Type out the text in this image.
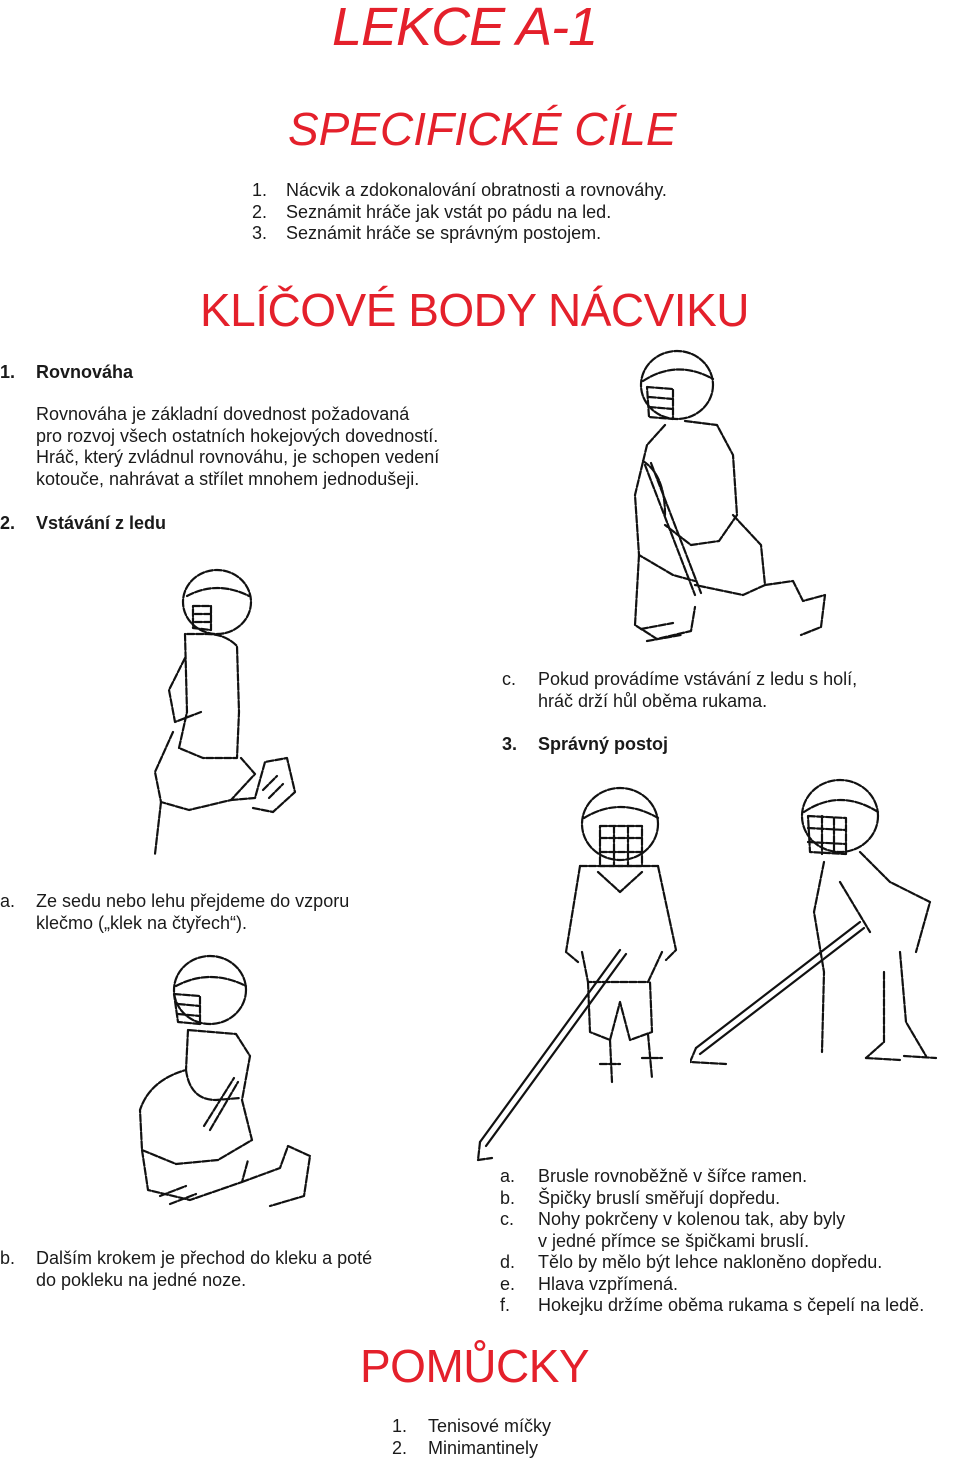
LEKCE A-1
SPECIFICKÉ CÍLE
1.	Nácvik a zdokonalování obratnosti a rovnováhy.
2.	Seznámit hráče jak vstát po pádu na led.
3.	Seznámit hráče se správným postojem.
KLÍČOVÉ BODY NÁCVIKU
1. Rovnováha
Rovnováha je základní dovednost požadovaná
pro rozvoj všech ostatních hokejových dovedností.
Hráč, který zvládnul rovnováhu, je schopen vedení
kotouče, nahrávat a střílet mnohem jednodušeji.
2. Vstávání z ledu
a.	Ze sedu nebo lehu přejdeme do vzporu
klečmo („klek na čtyřech“).
b.	Dalším krokem je přechod do kleku a poté
do pokleku na jedné noze.
c.	Pokud provádíme vstávání z ledu s holí,
hráč drží hůl oběma rukama.
3. Správný postoj
a.	Brusle rovnoběžně v šířce ramen.
b.	Špičky bruslí směřují dopředu.
c.	Nohy pokrčeny v kolenou tak, aby byly
v jedné přímce se špičkami bruslí.
d.	Tělo by mělo být lehce nakloněno dopředu.
e.	Hlava vzpřímená.
f.	Hokejku držíme oběma rukama s čepelí na ledě.
POMŮCKY
1.	Tenisové míčky
2.	Minimantinely
